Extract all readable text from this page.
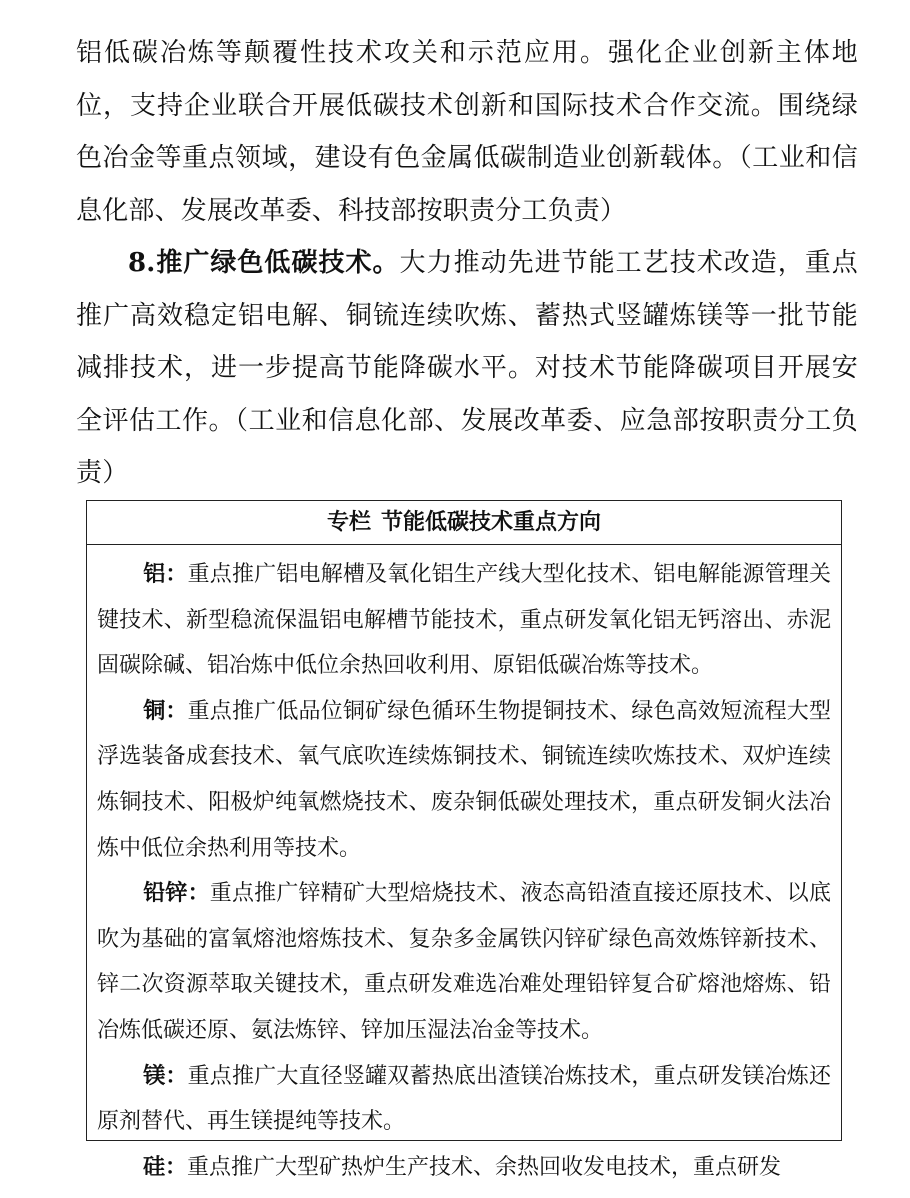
铝低碳冶炼等颠覆性技术攻关和示范应用。强化企业创新主体地位，支持企业联合开展低碳技术创新和国际技术合作交流。围绕绿色冶金等重点领域，建设有色金属低碳制造业创新载体。（工业和信息化部、发展改革委、科技部按职责分工负责）

8.推广绿色低碳技术。大力推动先进节能工艺技术改造，重点推广高效稳定铝电解、铜锍连续吹炼、蓄热式竖罐炼镁等一批节能减排技术，进一步提高节能降碳水平。对技术节能降碳项目开展安全评估工作。（工业和信息化部、发展改革委、应急部按职责分工负责）

专栏 节能低碳技术重点方向

铝：重点推广铝电解槽及氧化铝生产线大型化技术、铝电解能源管理关键技术、新型稳流保温铝电解槽节能技术，重点研发氧化铝无钙溶出、赤泥固碳除碱、铝冶炼中低位余热回收利用、原铝低碳冶炼等技术。

铜：重点推广低品位铜矿绿色循环生物提铜技术、绿色高效短流程大型浮选装备成套技术、氧气底吹连续炼铜技术、铜锍连续吹炼技术、双炉连续炼铜技术、阳极炉纯氧燃烧技术、废杂铜低碳处理技术，重点研发铜火法冶炼中低位余热利用等技术。

铅锌：重点推广锌精矿大型焙烧技术、液态高铅渣直接还原技术、以底吹为基础的富氧熔池熔炼技术、复杂多金属铁闪锌矿绿色高效炼锌新技术、锌二次资源萃取关键技术，重点研发难选冶难处理铅锌复合矿熔池熔炼、铅冶炼低碳还原、氨法炼锌、锌加压湿法冶金等技术。

镁：重点推广大直径竖罐双蓄热底出渣镁冶炼技术，重点研发镁冶炼还原剂替代、再生镁提纯等技术。

硅：重点推广大型矿热炉生产技术、余热回收发电技术，重点研发
